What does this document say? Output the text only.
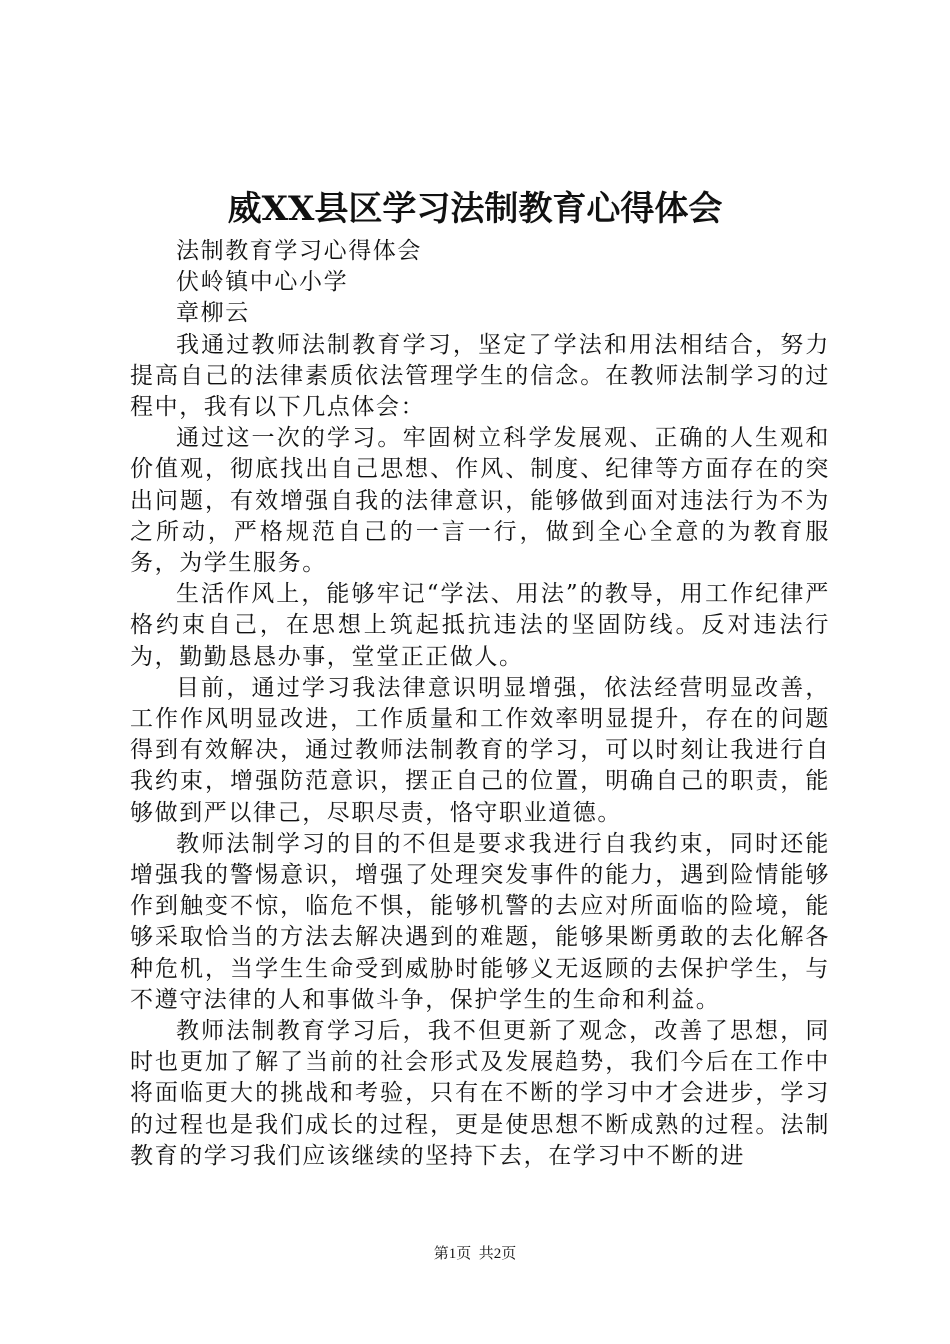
威XX县区学习法制教育心得体会

法制教育学习心得体会

伏岭镇中心小学

章柳云

我通过教师法制教育学习，坚定了学法和用法相结合，努力提高自己的法律素质依法管理学生的信念。在教师法制学习的过程中，我有以下几点体会：

通过这一次的学习。牢固树立科学发展观、正确的人生观和价值观，彻底找出自己思想、作风、制度、纪律等方面存在的突出问题，有效增强自我的法律意识，能够做到面对违法行为不为之所动，严格规范自己的一言一行，做到全心全意的为教育服务，为学生服务。

生活作风上，能够牢记“学法、用法”的教导，用工作纪律严格约束自己，在思想上筑起抵抗违法的坚固防线。反对违法行为，勤勤恳恳办事，堂堂正正做人。

目前，通过学习我法律意识明显增强，依法经营明显改善，工作作风明显改进，工作质量和工作效率明显提升，存在的问题得到有效解决，通过教师法制教育的学习，可以时刻让我进行自我约束，增强防范意识，摆正自己的位置，明确自己的职责，能够做到严以律己，尽职尽责，恪守职业道德。

教师法制学习的目的不但是要求我进行自我约束，同时还能增强我的警惕意识，增强了处理突发事件的能力，遇到险情能够作到触变不惊，临危不惧，能够机警的去应对所面临的险境，能够采取恰当的方法去解决遇到的难题，能够果断勇敢的去化解各种危机，当学生生命受到威胁时能够义无返顾的去保护学生，与不遵守法律的人和事做斗争，保护学生的生命和利益。

教师法制教育学习后，我不但更新了观念，改善了思想，同时也更加了解了当前的社会形式及发展趋势，我们今后在工作中将面临更大的挑战和考验，只有在不断的学习中才会进步，学习的过程也是我们成长的过程，更是使思想不断成熟的过程。法制教育的学习我们应该继续的坚持下去，在学习中不断的进

第1页  共2页
